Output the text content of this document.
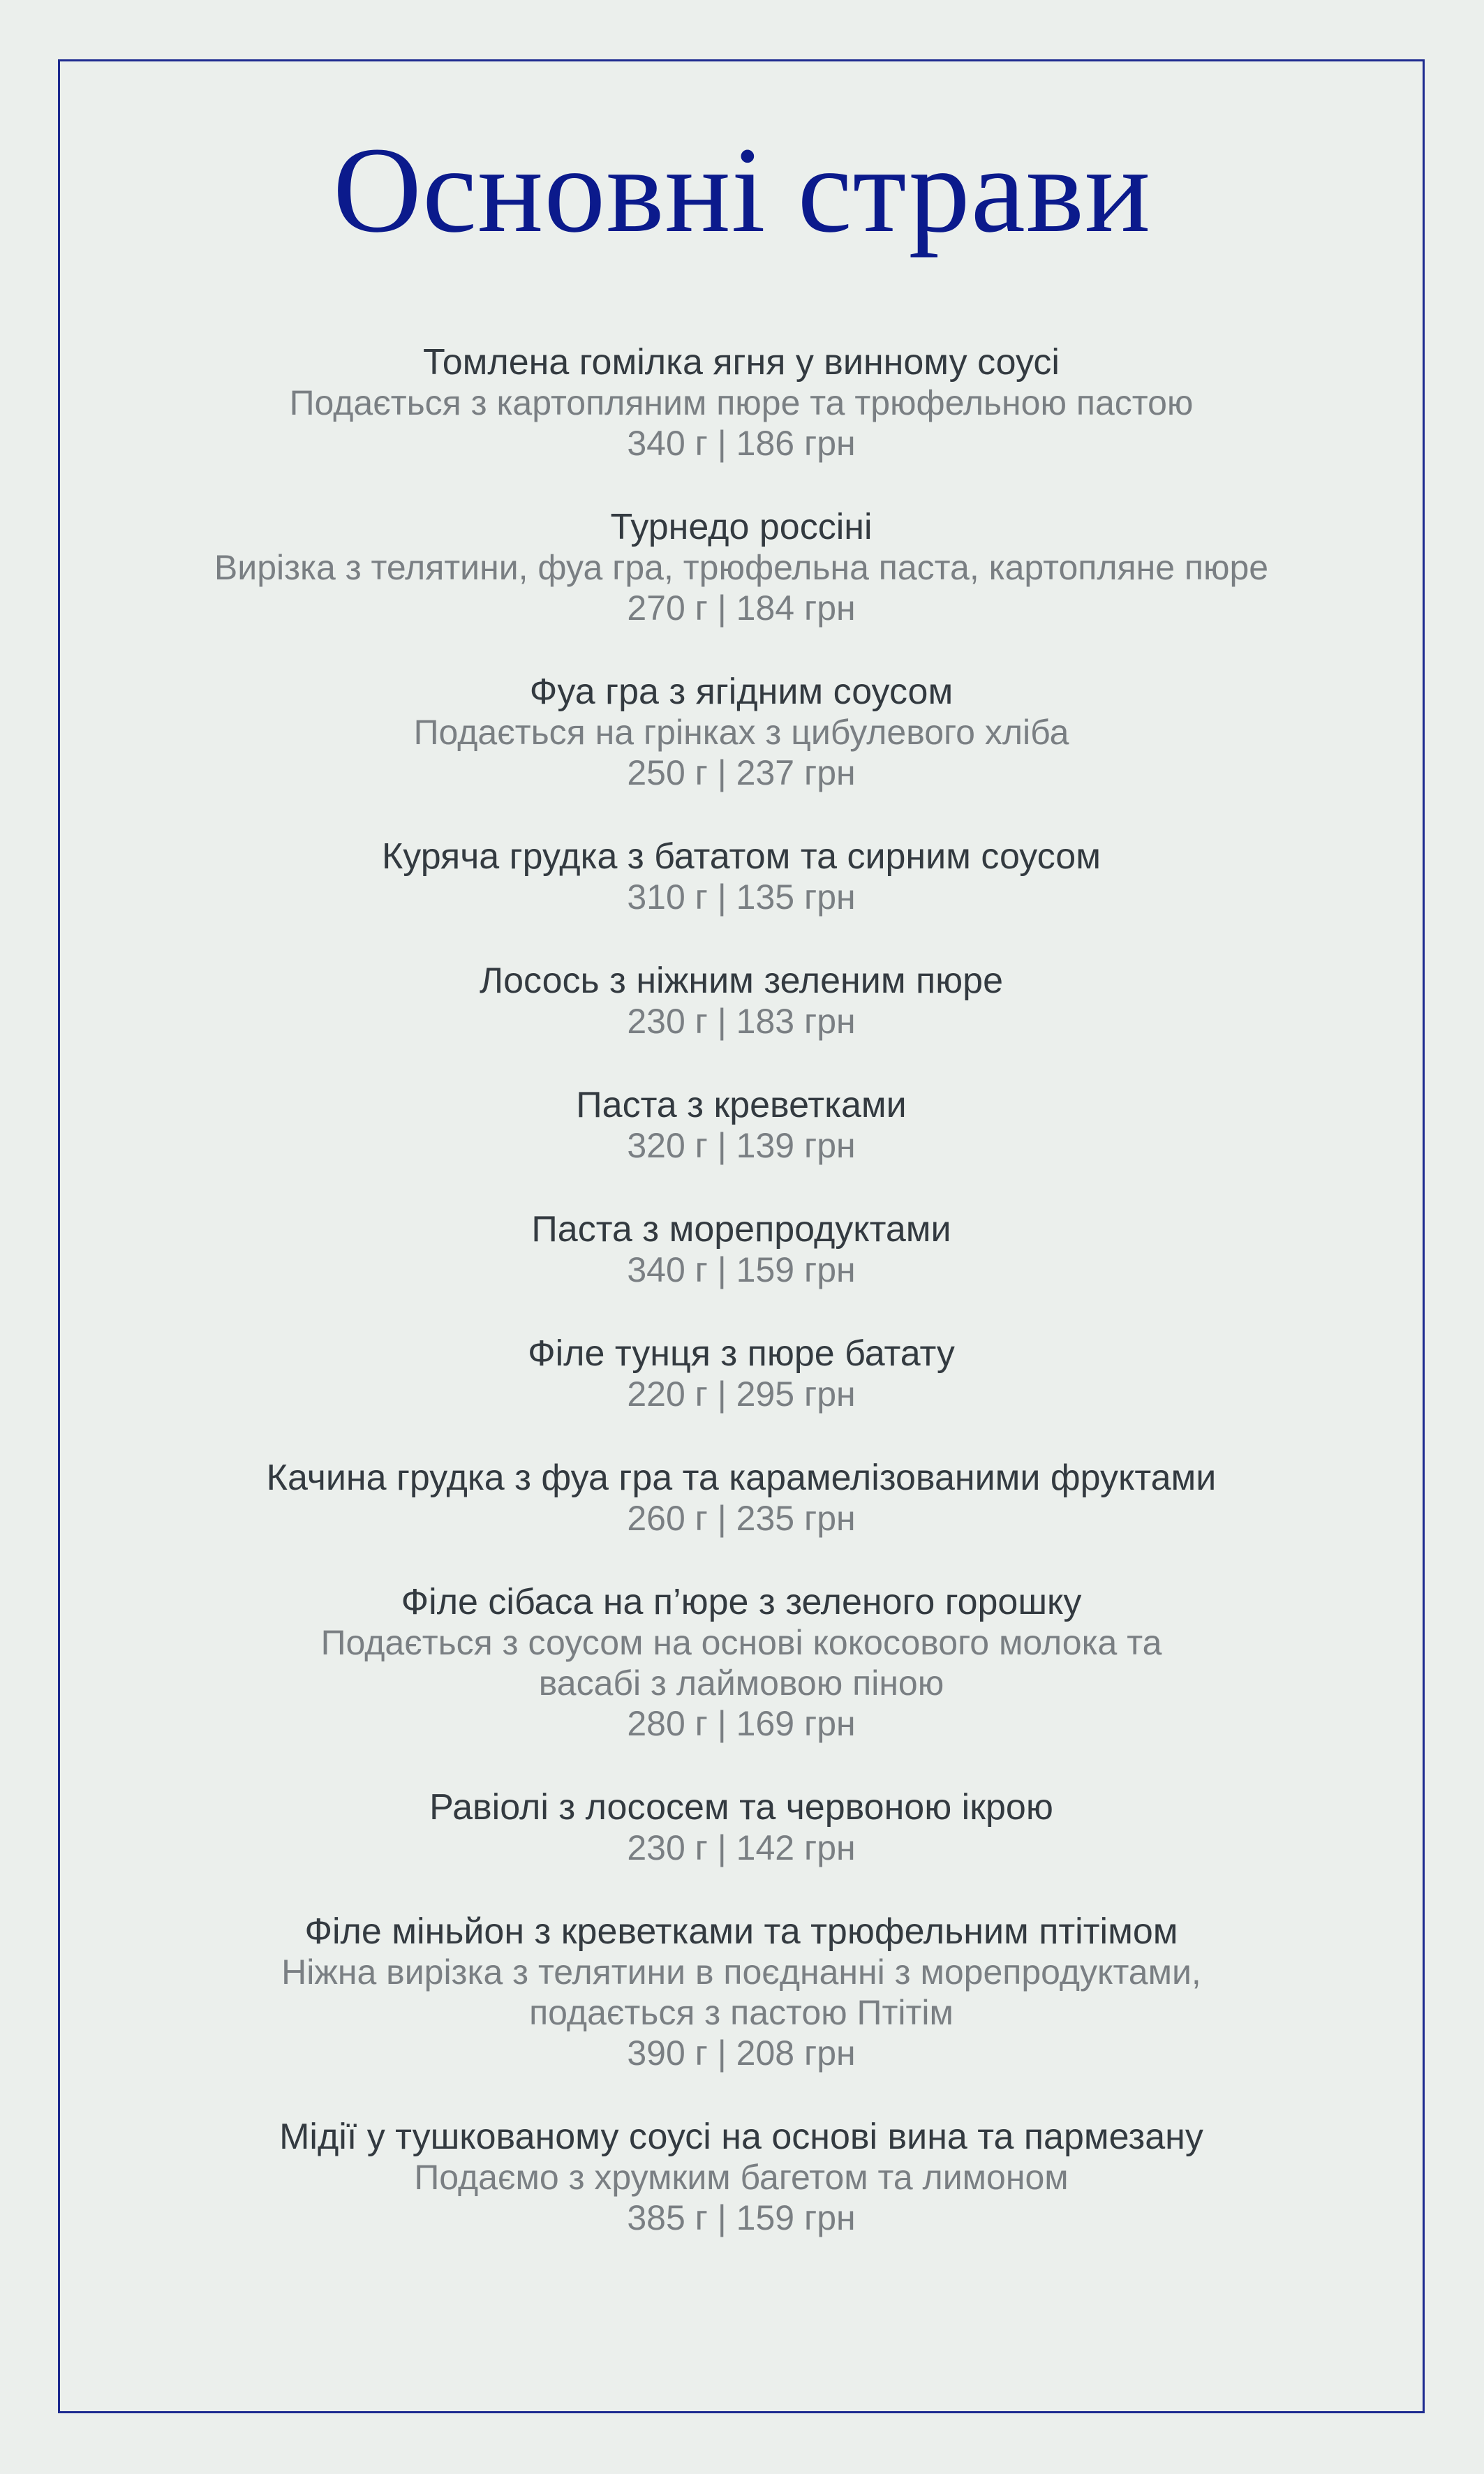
Основні страви
Томлена гомілка ягня у винному соусі
Подається з картопляним пюре та трюфельною пастою
340 г | 186 грн
Турнедо россіні
Вирізка з телятини, фуа гра, трюфельна паста, картопляне пюре
270 г | 184 грн
Фуа гра з ягідним соусом
Подається на грінках з цибулевого хліба
250 г | 237 грн
Куряча грудка з бататом та сирним соусом
310 г | 135 грн
Лосось з ніжним зеленим пюре
230 г | 183 грн
Паста з креветками
320 г | 139 грн
Паста з морепродуктами
340 г | 159 грн
Філе тунця з пюре батату
220 г | 295 грн
Качина грудка з фуа гра та карамелізованими фруктами
260 г | 235 грн
Філе сібаса на п’юре з зеленого горошку
Подається з соусом на основі кокосового молока та
васабі з лаймовою піною
280 г | 169 грн
Равіолі з лососем та червоною ікрою
230 г | 142 грн
Філе міньйон з креветками та трюфельним птітімом
Ніжна вирізка з телятини в поєднанні з морепродуктами,
подається з пастою Птітім
390 г | 208 грн
Мідії у тушкованому соусі на основі вина та пармезану
Подаємо з хрумким багетом та лимоном
385 г | 159 грн
